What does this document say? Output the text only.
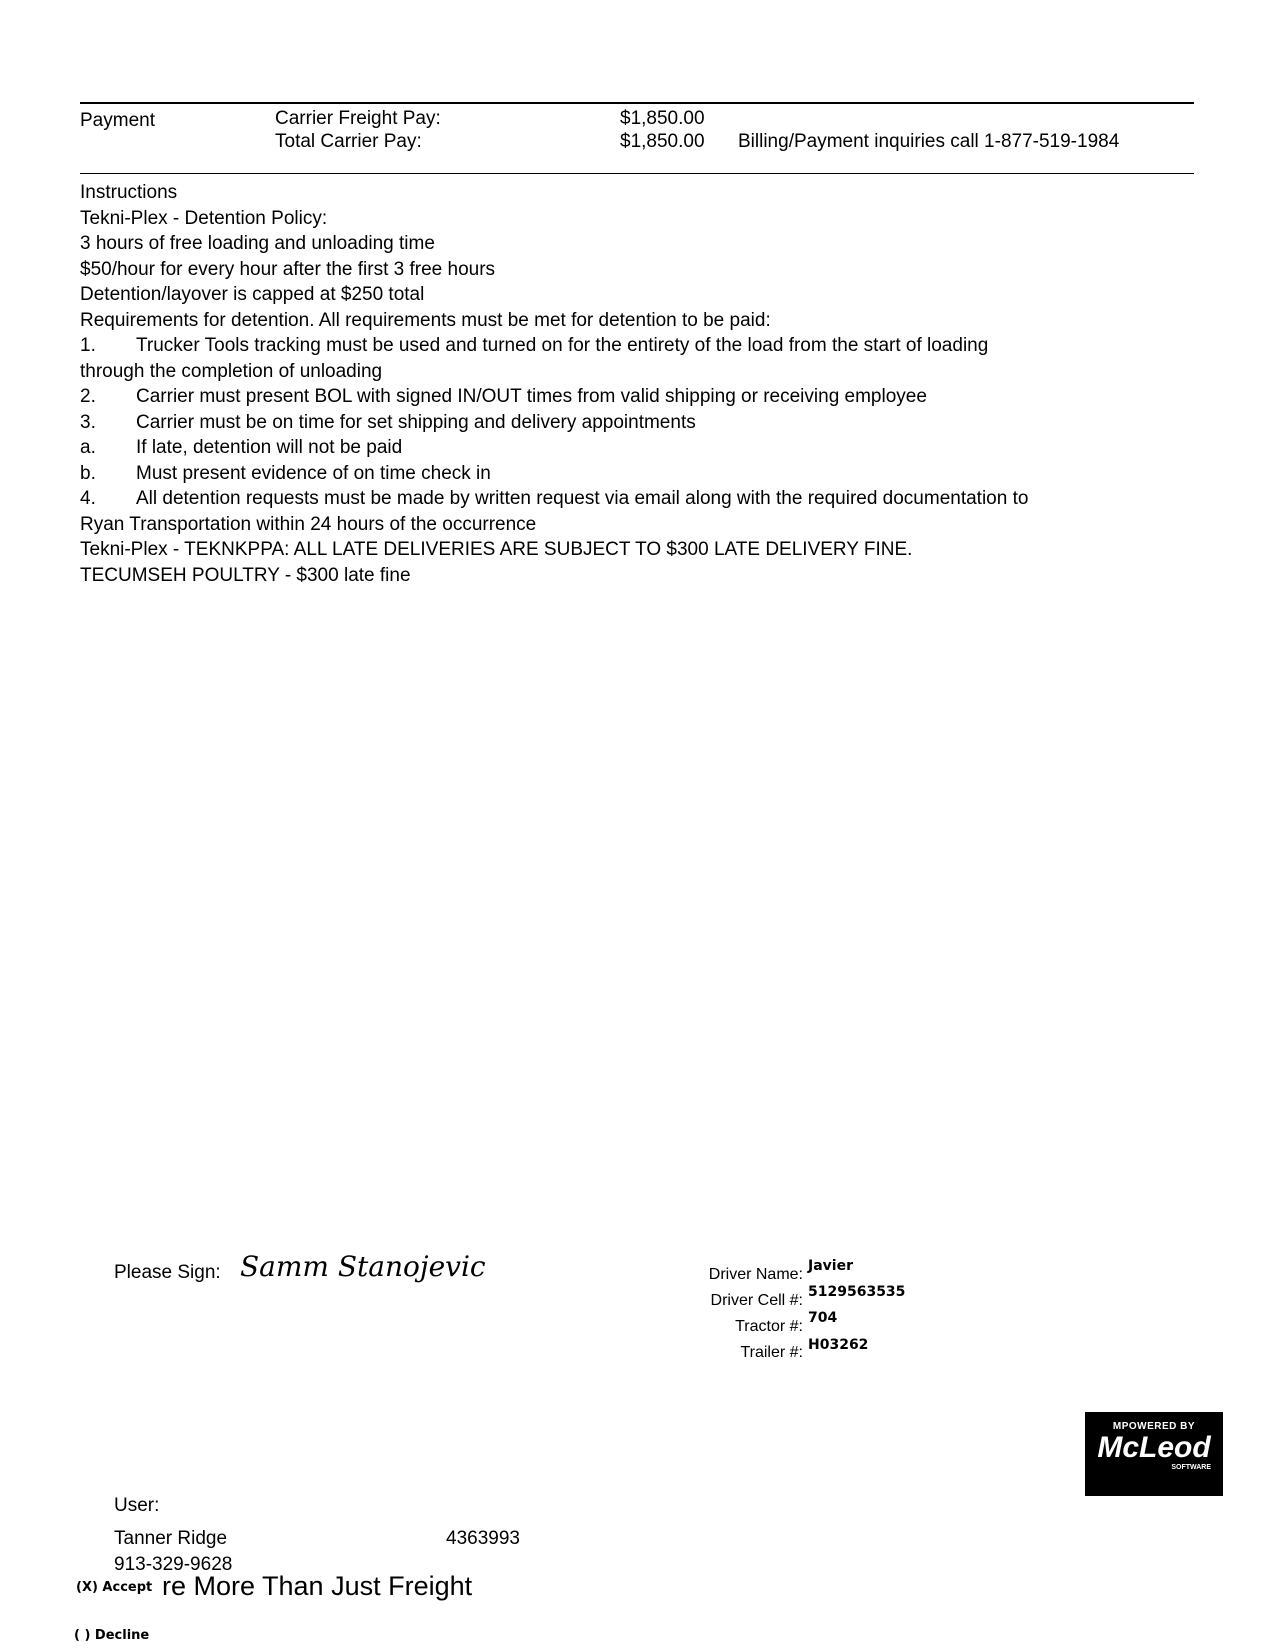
Payment	Carrier Freight Pay:	$1,850.00
Total Carrier Pay:	$1,850.00 Billing/Payment inquiries call 1-877-519-1984
Instructions
Tekni-Plex - Detention Policy:
3 hours of free loading and unloading time
$50/hour for every hour after the first 3 free hours
Detention/layover is capped at $250 total
Requirements for detention. All requirements must be met for detention to be paid:
1. Trucker Tools tracking must be used and turned on for the entirety of the load from the start of loading
through the completion of unloading
2. Carrier must present BOL with signed IN/OUT times from valid shipping or receiving employee
3. Carrier must be on time for set shipping and delivery appointments
a. If late, detention will not be paid
b. Must present evidence of on time check in
4. All detention requests must be made by written request via email along with the required documentation to
Ryan Transportation within 24 hours of the occurrence
Tekni-Plex - TEKNKPPA: ALL LATE DELIVERIES ARE SUBJECT TO $300 LATE DELIVERY FINE.
TECUMSEH POULTRY - $300 late fine
Please Sign: Samm Stanojevic	Driver Name: Javier
Driver Cell #: 5129563535
Tractor #: 704
Trailer #: H03262
MPOWERED BY
McLeod
SOFTWARE
User:
Tanner Ridge	4363993
913-329-9628
(X) Accept re More Than Just Freight
( ) Decline
